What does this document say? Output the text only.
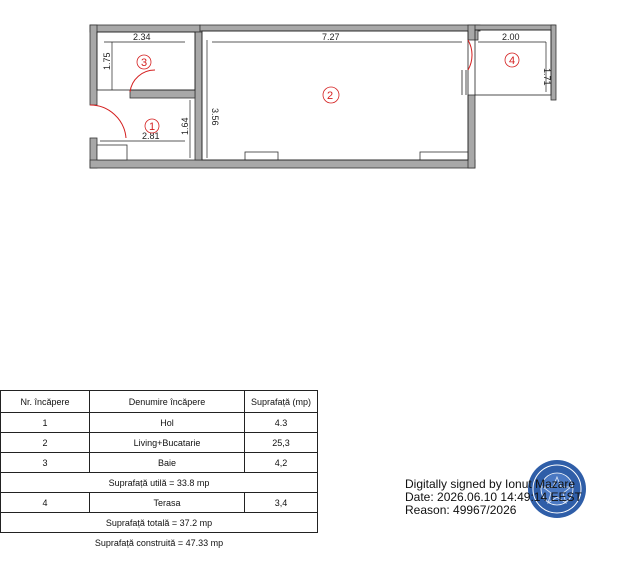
2.34	7.27	2.00
1.75
3.56
1.64
2.81
1.71
1
2
3	4
Nr. încăpere	Denumire încăpere	Suprafață (mp)
1	Hol	4.3
2	Living+Bucatarie	25,3
3	Baie	4,2
Suprafață utilă = 33.8 mp		
4	Terasa	3,4
Suprafață totală = 37.2 mp		
Suprafață construită = 47.33 mp		
Digitally signed by Ionut Mazare
Date: 2026.06.10 14:49:14 EEST
Reason: 49967/2026
